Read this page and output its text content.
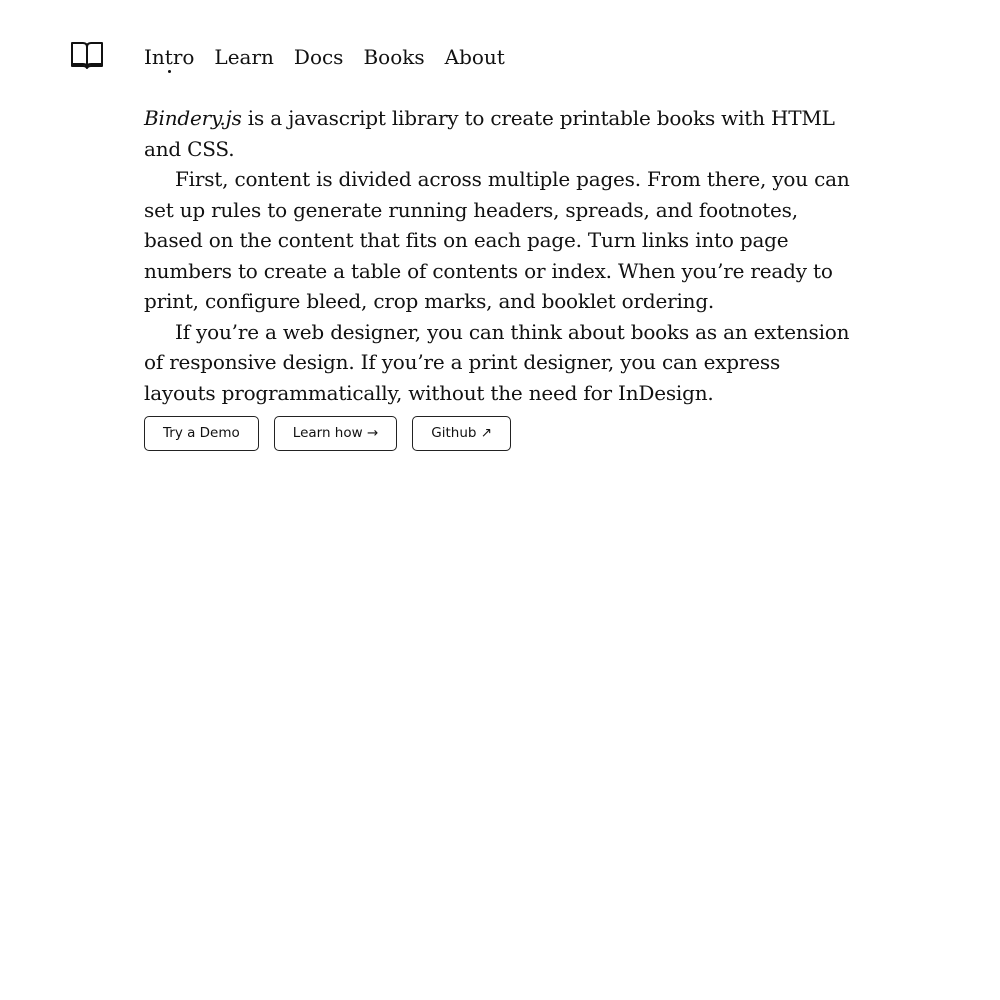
Intro Learn Docs Books About

Bindery.js is a javascript library to create printable books with HTML and CSS.

First, content is divided across multiple pages. From there, you can set up rules to generate running headers, spreads, and footnotes, based on the content that fits on each page. Turn links into page numbers to create a table of contents or index. When you’re ready to print, configure bleed, crop marks, and booklet ordering.

If you’re a web designer, you can think about books as an extension of responsive design. If you’re a print designer, you can express layouts programmatically, without the need for InDesign.

Try a Demo	Learn how →	Github ↗
